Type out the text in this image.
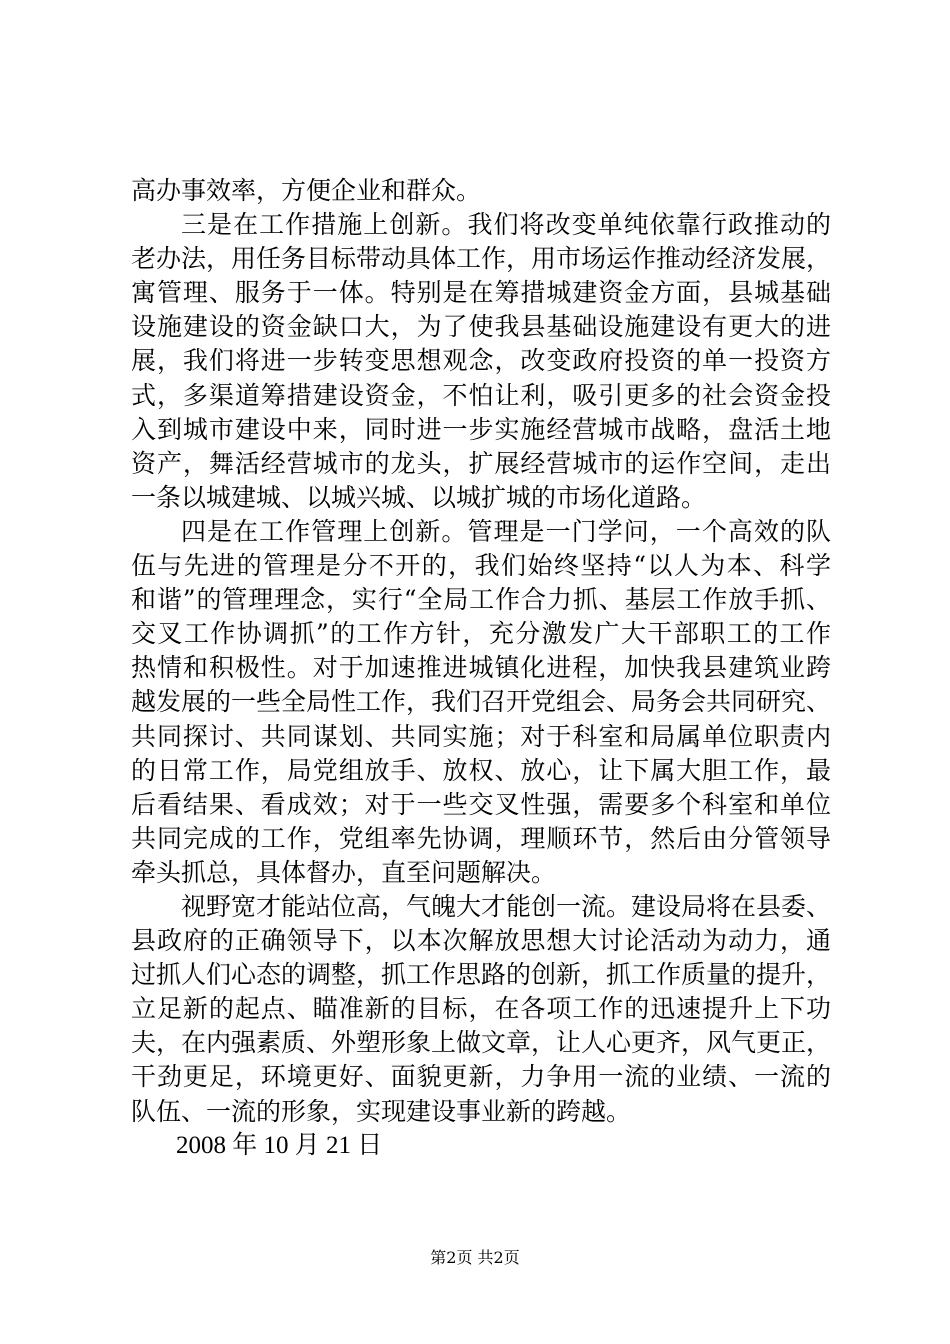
高办事效率，方便企业和群众。
三是在工作措施上创新。我们将改变单纯依靠行政推动的
老办法，用任务目标带动具体工作，用市场运作推动经济发展，
寓管理、服务于一体。特别是在筹措城建资金方面，县城基础
设施建设的资金缺口大，为了使我县基础设施建设有更大的进
展，我们将进一步转变思想观念，改变政府投资的单一投资方
式，多渠道筹措建设资金，不怕让利，吸引更多的社会资金投
入到城市建设中来，同时进一步实施经营城市战略，盘活土地
资产，舞活经营城市的龙头，扩展经营城市的运作空间，走出
一条以城建城、以城兴城、以城扩城的市场化道路。
四是在工作管理上创新。管理是一门学问，一个高效的队
伍与先进的管理是分不开的，我们始终坚持“以人为本、科学
和谐”的管理理念，实行“全局工作合力抓、基层工作放手抓、
交叉工作协调抓”的工作方针，充分激发广大干部职工的工作
热情和积极性。对于加速推进城镇化进程，加快我县建筑业跨
越发展的一些全局性工作，我们召开党组会、局务会共同研究、
共同探讨、共同谋划、共同实施；对于科室和局属单位职责内
的日常工作，局党组放手、放权、放心，让下属大胆工作，最
后看结果、看成效；对于一些交叉性强，需要多个科室和单位
共同完成的工作，党组率先协调，理顺环节，然后由分管领导
牵头抓总，具体督办，直至问题解决。
视野宽才能站位高，气魄大才能创一流。建设局将在县委、
县政府的正确领导下，以本次解放思想大讨论活动为动力，通
过抓人们心态的调整，抓工作思路的创新，抓工作质量的提升，
立足新的起点、瞄准新的目标，在各项工作的迅速提升上下功
夫，在内强素质、外塑形象上做文章，让人心更齐，风气更正，
干劲更足，环境更好、面貌更新，力争用一流的业绩、一流的
队伍、一流的形象，实现建设事业新的跨越。
2008 年 10 月 21 日
第2页 共2页
